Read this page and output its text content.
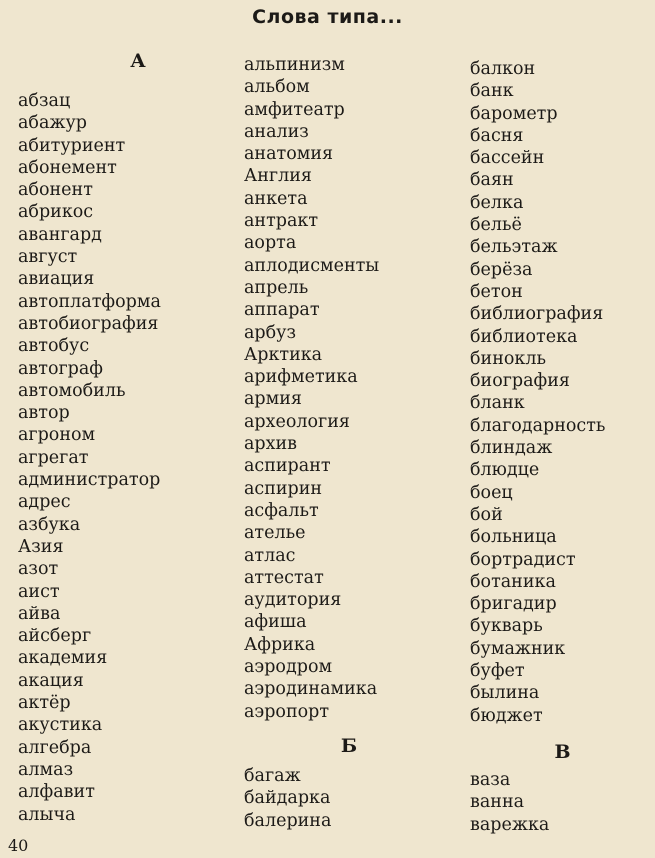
Слова типа...
А
абзац
абажур
абитуриент
абонемент
абонент
абрикос
авангард
август
авиация
автоплатформа
автобиография
автобус
автограф
автомобиль
автор
агроном
агрегат
администратор
адрес
азбука
Азия
азот
аист
айва
айсберг
академия
акация
актёр
акустика
алгебра
алмаз
алфавит
алыча
альпинизм
альбом
амфитеатр
анализ
анатомия
Англия
анкета
антракт
аорта
аплодисменты
апрель
аппарат
арбуз
Арктика
арифметика
армия
археология
архив
аспирант
аспирин
асфальт
ателье
атлас
аттестат
аудитория
афиша
Африка
аэродром
аэродинамика
аэропорт
Б
багаж
байдарка
балерина
балкон
банк
барометр
басня
бассейн
баян
белка
бельё
бельэтаж
берёза
бетон
библиография
библиотека
бинокль
биография
бланк
благодарность
блиндаж
блюдце
боец
бой
больница
бортрадист
ботаника
бригадир
букварь
бумажник
буфет
былина
бюджет
В
ваза
ванна
варежка
40
